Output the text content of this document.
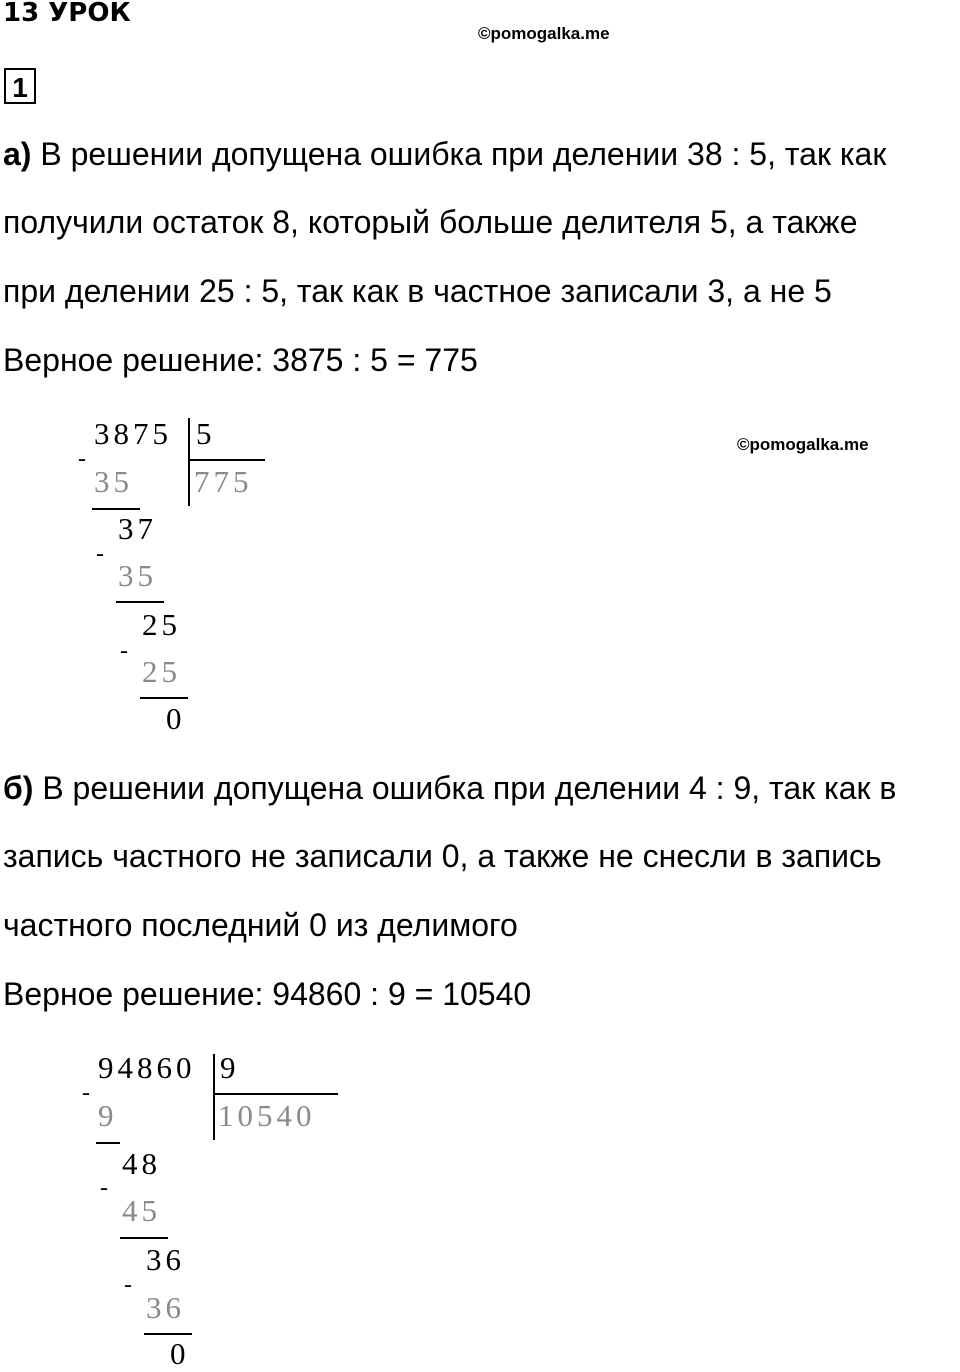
13 УРОК
©pomogalka.me
1
а) В решении допущена ошибка при делении 38 : 5, так как
получили остаток 8, который больше делителя 5, а также
при делении 25 : 5, так как в частное записали 3, а не 5
Верное решение: 3875 : 5 = 775
©pomogalka.me
3875 5
775
-
35
37
-
35
25
-
25
0
б) В решении допущена ошибка при делении 4 : 9, так как в
запись частного не записали 0, а также не снесли в запись
частного последний 0 из делимого
Верное решение: 94860 : 9 = 10540
94860 9
10540
-
9
48
-
45
36
-
36
0
